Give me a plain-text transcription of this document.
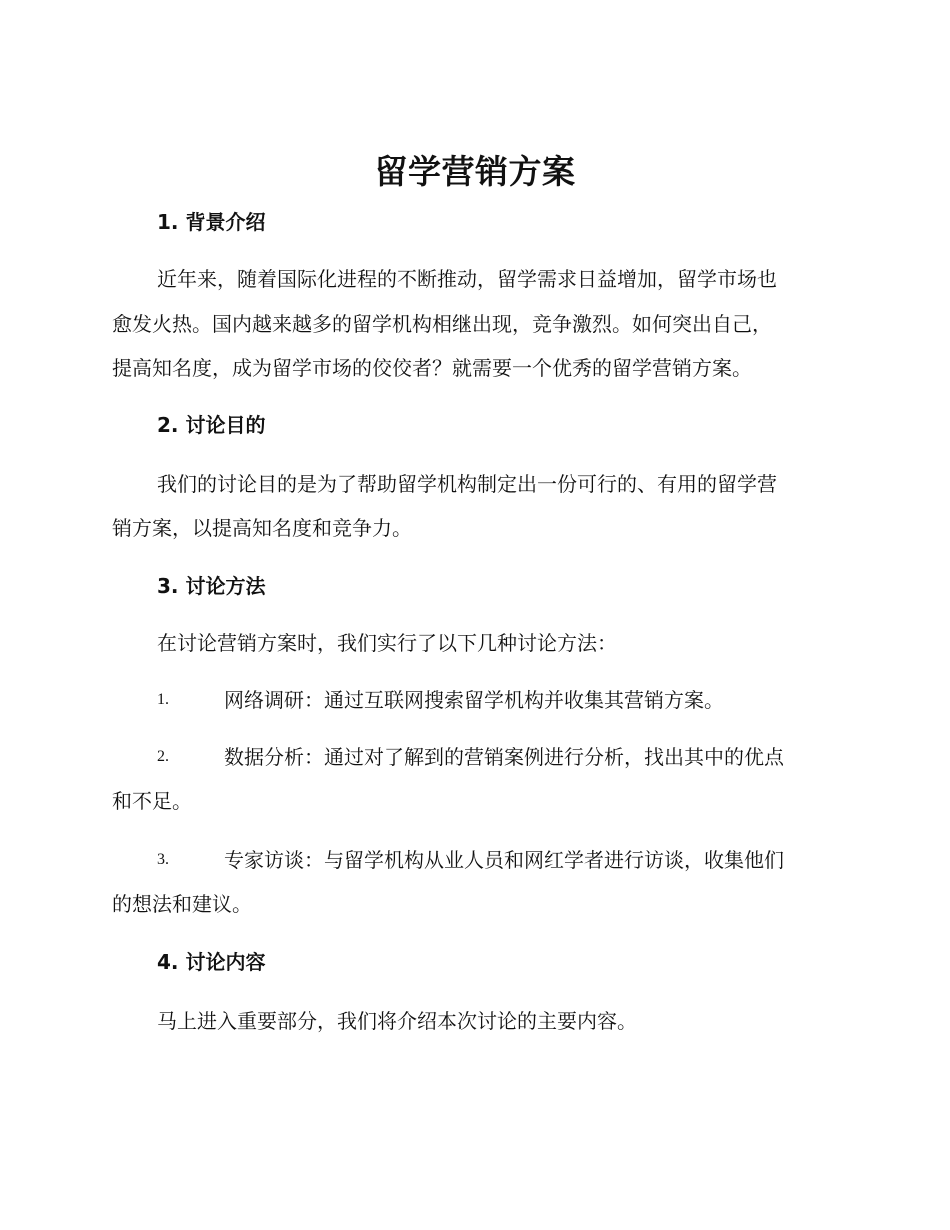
留学营销方案
1. 背景介绍

近年来，随着国际化进程的不断推动，留学需求日益增加，留学市场也

愈发火热。国内越来越多的留学机构相继出现，竞争激烈。如何突出自己，

提高知名度，成为留学市场的佼佼者？就需要一个优秀的留学营销方案。

2. 讨论目的

我们的讨论目的是为了帮助留学机构制定出一份可行的、有用的留学营

销方案，以提高知名度和竞争力。

3. 讨论方法

在讨论营销方案时，我们实行了以下几种讨论方法：

1.	网络调研：通过互联网搜索留学机构并收集其营销方案。

2.	数据分析：通过对了解到的营销案例进行分析，找出其中的优点

和不足。

3.	专家访谈：与留学机构从业人员和网红学者进行访谈，收集他们

的想法和建议。

4. 讨论内容

马上进入重要部分，我们将介绍本次讨论的主要内容。
